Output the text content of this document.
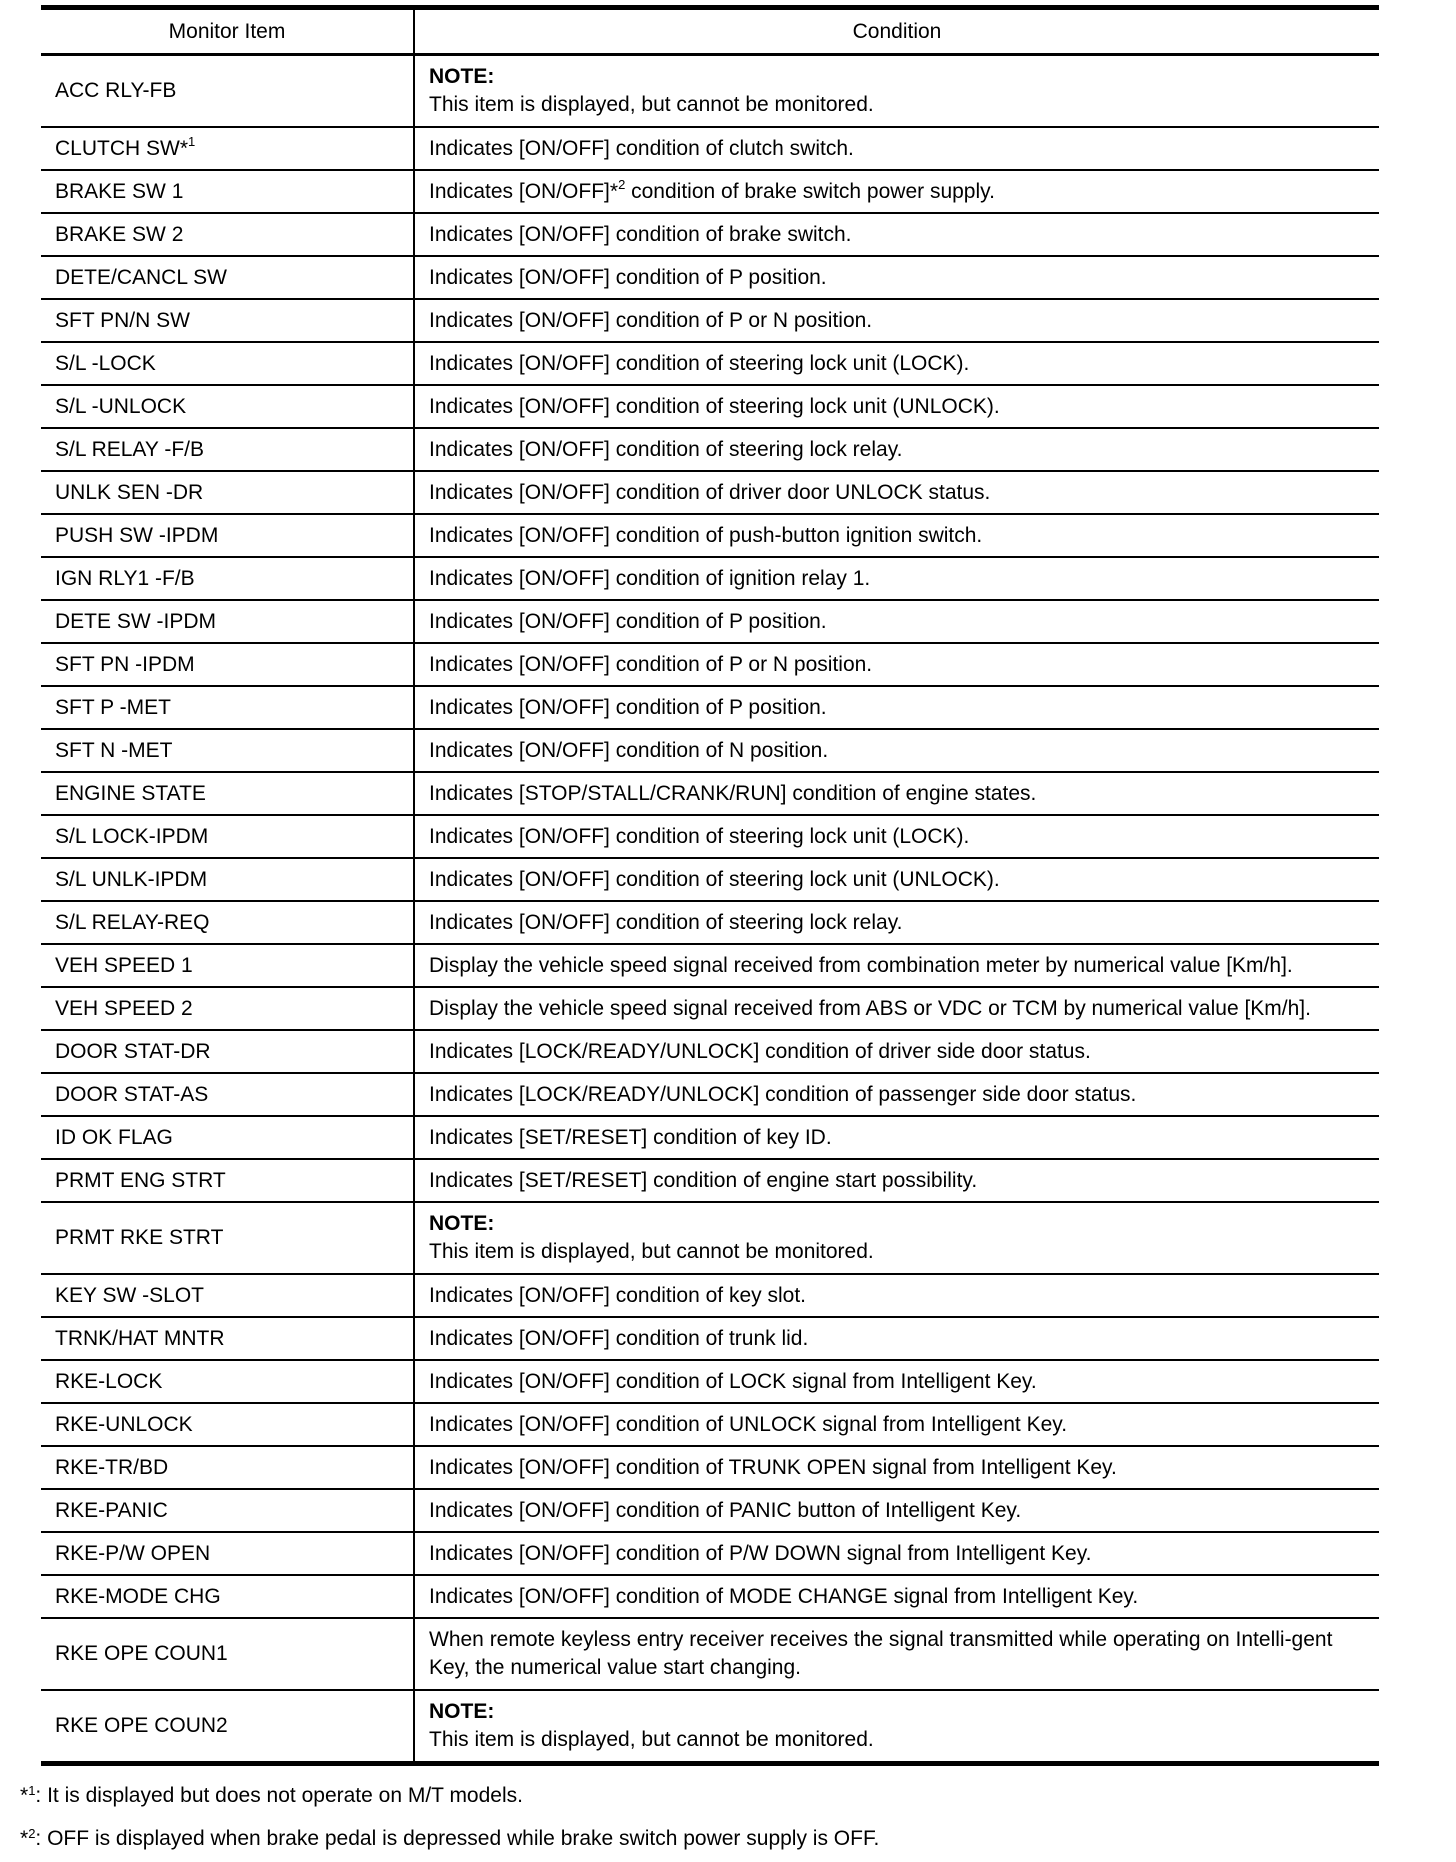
Monitor Item	Condition
ACC RLY-FB	NOTE:
This item is displayed, but cannot be monitored.
CLUTCH SW*$^1$	Indicates [ON/OFF] condition of clutch switch.
BRAKE SW 1	Indicates [ON/OFF]*$^2$ condition of brake switch power supply.
BRAKE SW 2	Indicates [ON/OFF] condition of brake switch.
DETE/CANCL SW	Indicates [ON/OFF] condition of P position.
SFT PN/N SW	Indicates [ON/OFF] condition of P or N position.
S/L -LOCK	Indicates [ON/OFF] condition of steering lock unit (LOCK).
S/L -UNLOCK	Indicates [ON/OFF] condition of steering lock unit (UNLOCK).
S/L RELAY -F/B	Indicates [ON/OFF] condition of steering lock relay.
UNLK SEN -DR	Indicates [ON/OFF] condition of driver door UNLOCK status.
PUSH SW -IPDM	Indicates [ON/OFF] condition of push-button ignition switch.
IGN RLY1 -F/B	Indicates [ON/OFF] condition of ignition relay 1.
DETE SW -IPDM	Indicates [ON/OFF] condition of P position.
SFT PN -IPDM	Indicates [ON/OFF] condition of P or N position.
SFT P -MET	Indicates [ON/OFF] condition of P position.
SFT N -MET	Indicates [ON/OFF] condition of N position.
ENGINE STATE	Indicates [STOP/STALL/CRANK/RUN] condition of engine states.
S/L LOCK-IPDM	Indicates [ON/OFF] condition of steering lock unit (LOCK).
S/L UNLK-IPDM	Indicates [ON/OFF] condition of steering lock unit (UNLOCK).
S/L RELAY-REQ	Indicates [ON/OFF] condition of steering lock relay.
VEH SPEED 1	Display the vehicle speed signal received from combination meter by numerical value [Km/h].
VEH SPEED 2	Display the vehicle speed signal received from ABS or VDC or TCM by numerical value [Km/h].
DOOR STAT-DR	Indicates [LOCK/READY/UNLOCK] condition of driver side door status.
DOOR STAT-AS	Indicates [LOCK/READY/UNLOCK] condition of passenger side door status.
ID OK FLAG	Indicates [SET/RESET] condition of key ID.
PRMT ENG STRT	Indicates [SET/RESET] condition of engine start possibility.
PRMT RKE STRT	NOTE:
This item is displayed, but cannot be monitored.
KEY SW -SLOT	Indicates [ON/OFF] condition of key slot.
TRNK/HAT MNTR	Indicates [ON/OFF] condition of trunk lid.
RKE-LOCK	Indicates [ON/OFF] condition of LOCK signal from Intelligent Key.
RKE-UNLOCK	Indicates [ON/OFF] condition of UNLOCK signal from Intelligent Key.
RKE-TR/BD	Indicates [ON/OFF] condition of TRUNK OPEN signal from Intelligent Key.
RKE-PANIC	Indicates [ON/OFF] condition of PANIC button of Intelligent Key.
RKE-P/W OPEN	Indicates [ON/OFF] condition of P/W DOWN signal from Intelligent Key.
RKE-MODE CHG	Indicates [ON/OFF] condition of MODE CHANGE signal from Intelligent Key.
RKE OPE COUN1	When remote keyless entry receiver receives the signal transmitted while operating on Intelli-gent Key, the numerical value start changing.
RKE OPE COUN2	NOTE:
This item is displayed, but cannot be monitored.
*$^1$: It is displayed but does not operate on M/T models.
*$^2$: OFF is displayed when brake pedal is depressed while brake switch power supply is OFF.
